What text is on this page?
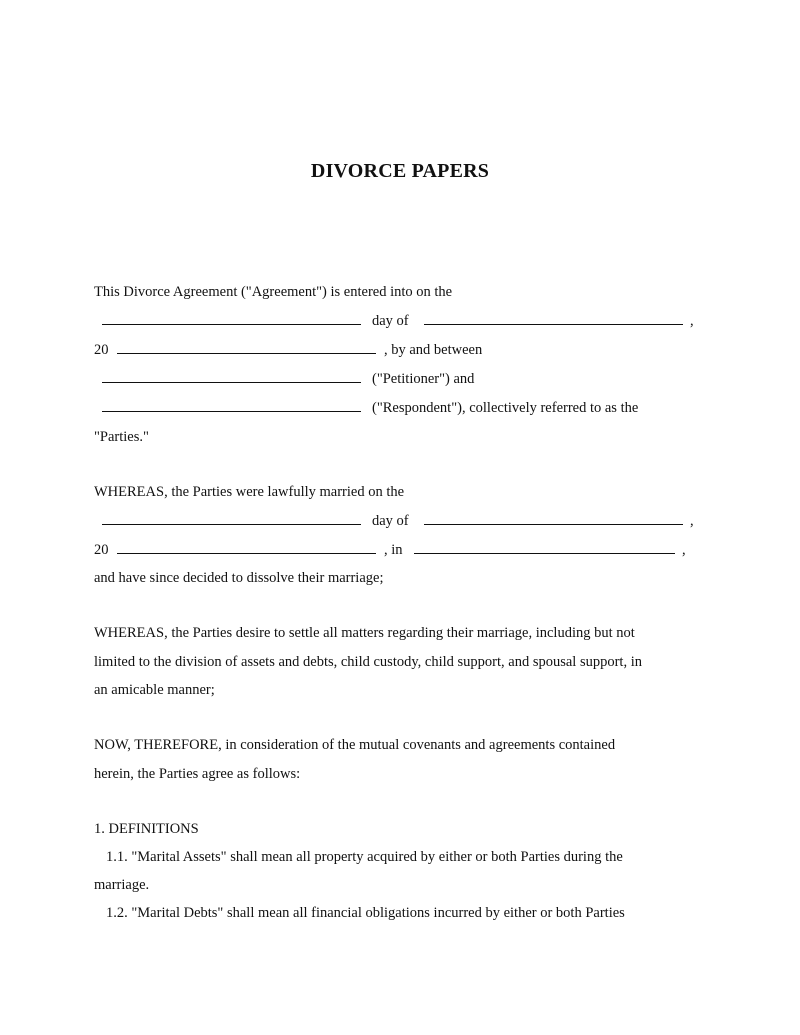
DIVORCE PAPERS
This Divorce Agreement ("Agreement") is entered into on the
day of	,
20	, by and between
("Petitioner") and
("Respondent"), collectively referred to as the
"Parties."
WHEREAS, the Parties were lawfully married on the
day of	,
20	, in	,
and have since decided to dissolve their marriage;
WHEREAS, the Parties desire to settle all matters regarding their marriage, including but not
limited to the division of assets and debts, child custody, child support, and spousal support, in
an amicable manner;
NOW, THEREFORE, in consideration of the mutual covenants and agreements contained
herein, the Parties agree as follows:
1. DEFINITIONS
1.1. "Marital Assets" shall mean all property acquired by either or both Parties during the
marriage.
1.2. "Marital Debts" shall mean all financial obligations incurred by either or both Parties
